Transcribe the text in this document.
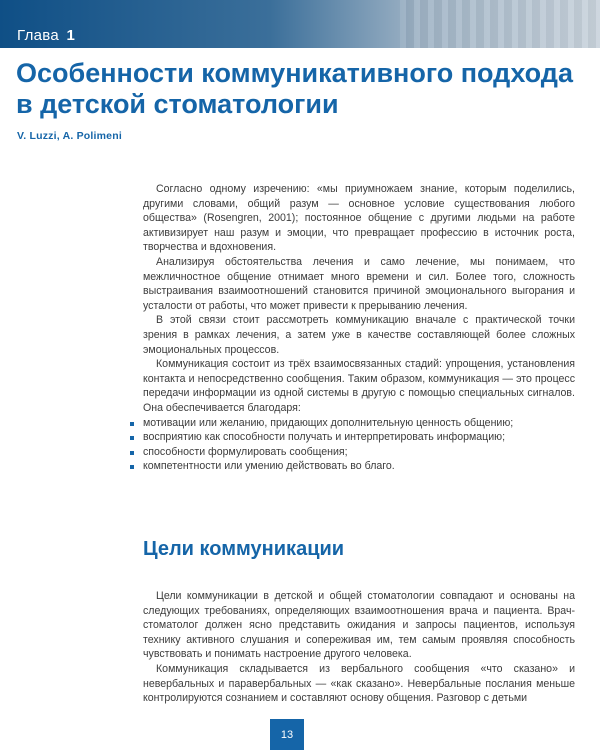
Глава 1
Особенности коммуникативного подхода в детской стоматологии
V. Luzzi, A. Polimeni

Согласно одному изречению: «мы приумножаем знание, которым поделились, другими словами, общий разум — основное условие существования любого общества» (Rosengren, 2001); постоянное общение с другими людьми на работе активизирует наш разум и эмоции, что превращает профессию в источник роста, творчества и вдохновения.

Анализируя обстоятельства лечения и само лечение, мы понимаем, что межличностное общение отнимает много времени и сил. Более того, сложность выстраивания взаимоотношений становится причиной эмоционального выгорания и усталости от работы, что может привести к прерыванию лечения.

В этой связи стоит рассмотреть коммуникацию вначале с практической точки зрения в рамках лечения, а затем уже в качестве составляющей более сложных эмоциональных процессов.

Коммуникация состоит из трёх взаимосвязанных стадий: упрощения, установления контакта и непосредственно сообщения. Таким образом, коммуникация — это процесс передачи информации из одной системы в другую с помощью специальных сигналов. Она обеспечивается благодаря:

мотивации или желанию, придающих дополнительную ценность общению;
восприятию как способности получать и интерпретировать информацию;
способности формулировать сообщения;
компетентности или умению действовать во благо.
Цели коммуникации

Цели коммуникации в детской и общей стоматологии совпадают и основаны на следующих требованиях, определяющих взаимоотношения врача и пациента. Врач-стоматолог должен ясно представить ожидания и запросы пациентов, используя технику активного слушания и сопереживая им, тем самым проявляя способность чувствовать и понимать настроение другого человека.

Коммуникация складывается из вербального сообщения «что сказано» и невербальных и паравербальных — «как сказано». Невербальные послания меньше контролируются сознанием и составляют основу общения. Разговор с детьми

13
